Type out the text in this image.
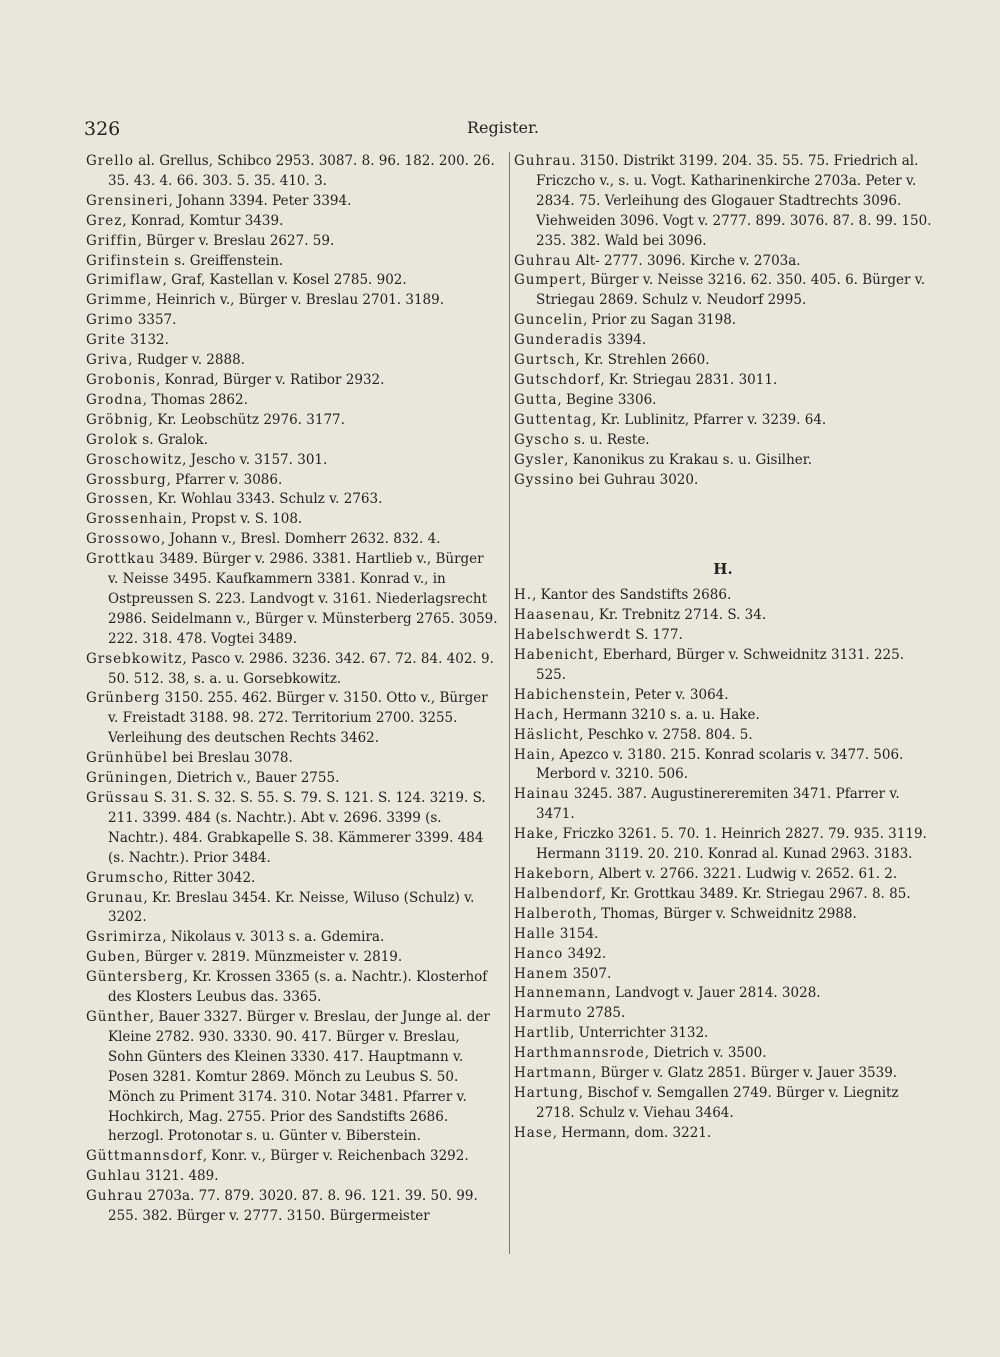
326	Register.

Grello al. Grellus, Schibco 2953. 3087. 8. 96. 182. 200. 26. 35. 43. 4. 66. 303. 5. 35. 410. 3.

Grensineri, Johann 3394. Peter 3394.

Grez, Konrad, Komtur 3439.

Griffin, Bürger v. Breslau 2627. 59.

Grifinstein s. Greiffenstein.

Grimiflaw, Graf, Kastellan v. Kosel 2785. 902.

Grimme, Heinrich v., Bürger v. Breslau 2701. 3189.

Grimo 3357.

Grite 3132.

Griva, Rudger v. 2888.

Grobonis, Konrad, Bürger v. Ratibor 2932.

Grodna, Thomas 2862.

Gröbnig, Kr. Leobschütz 2976. 3177.

Grolok s. Gralok.

Groschowitz, Jescho v. 3157. 301.

Grossburg, Pfarrer v. 3086.

Grossen, Kr. Wohlau 3343. Schulz v. 2763.

Grossenhain, Propst v. S. 108.

Grossowo, Johann v., Bresl. Domherr 2632. 832. 4.

Grottkau 3489. Bürger v. 2986. 3381. Hartlieb v., Bürger v. Neisse 3495. Kaufkammern 3381. Konrad v., in Ostpreussen S. 223. Landvogt v. 3161. Niederlagsrecht 2986. Seidelmann v., Bürger v. Münsterberg 2765. 3059. 222. 318. 478. Vogtei 3489.

Grsebkowitz, Pasco v. 2986. 3236. 342. 67. 72. 84. 402. 9. 50. 512. 38, s. a. u. Gorsebkowitz.

Grünberg 3150. 255. 462. Bürger v. 3150. Otto v., Bürger v. Freistadt 3188. 98. 272. Territorium 2700. 3255. Verleihung des deutschen Rechts 3462.

Grünhübel bei Breslau 3078.

Grüningen, Dietrich v., Bauer 2755.

Grüssau S. 31. S. 32. S. 55. S. 79. S. 121. S. 124. 3219. S. 211. 3399. 484 (s. Nachtr.). Abt v. 2696. 3399 (s. Nachtr.). 484. Grabkapelle S. 38. Kämmerer 3399. 484 (s. Nachtr.). Prior 3484.

Grumscho, Ritter 3042.

Grunau, Kr. Breslau 3454. Kr. Neisse, Wiluso (Schulz) v. 3202.

Gsrimirza, Nikolaus v. 3013 s. a. Gdemira.

Guben, Bürger v. 2819. Münzmeister v. 2819.

Güntersberg, Kr. Krossen 3365 (s. a. Nachtr.). Klosterhof des Klosters Leubus das. 3365.

Günther, Bauer 3327. Bürger v. Breslau, der Junge al. der Kleine 2782. 930. 3330. 90. 417. Bürger v. Breslau, Sohn Günters des Kleinen 3330. 417. Hauptmann v. Posen 3281. Komtur 2869. Mönch zu Leubus S. 50. Mönch zu Priment 3174. 310. Notar 3481. Pfarrer v. Hochkirch, Mag. 2755. Prior des Sandstifts 2686. herzogl. Protonotar s. u. Günter v. Biberstein.

Güttmannsdorf, Konr. v., Bürger v. Reichenbach 3292.

Guhlau 3121. 489.

Guhrau 2703a. 77. 879. 3020. 87. 8. 96. 121. 39. 50. 99. 255. 382. Bürger v. 2777. 3150. Bürgermeister

Guhrau. 3150. Distrikt 3199. 204. 35. 55. 75. Friedrich al. Friczcho v., s. u. Vogt. Katharinenkirche 2703a. Peter v. 2834. 75. Verleihung des Glogauer Stadtrechts 3096. Viehweiden 3096. Vogt v. 2777. 899. 3076. 87. 8. 99. 150. 235. 382. Wald bei 3096.

Guhrau Alt- 2777. 3096. Kirche v. 2703a.

Gumpert, Bürger v. Neisse 3216. 62. 350. 405. 6. Bürger v. Striegau 2869. Schulz v. Neudorf 2995.

Guncelin, Prior zu Sagan 3198.

Gunderadis 3394.

Gurtsch, Kr. Strehlen 2660.

Gutschdorf, Kr. Striegau 2831. 3011.

Gutta, Begine 3306.

Guttentag, Kr. Lublinitz, Pfarrer v. 3239. 64.

Gyscho s. u. Reste.

Gysler, Kanonikus zu Krakau s. u. Gisilher.

Gyssino bei Guhrau 3020.

H.

H., Kantor des Sandstifts 2686.

Haasenau, Kr. Trebnitz 2714. S. 34.

Habelschwerdt S. 177.

Habenicht, Eberhard, Bürger v. Schweidnitz 3131. 225. 525.

Habichenstein, Peter v. 3064.

Hach, Hermann 3210 s. a. u. Hake.

Häslicht, Peschko v. 2758. 804. 5.

Hain, Apezco v. 3180. 215. Konrad scolaris v. 3477. 506. Merbord v. 3210. 506.

Hainau 3245. 387. Augustinereremiten 3471. Pfarrer v. 3471.

Hake, Friczko 3261. 5. 70. 1. Heinrich 2827. 79. 935. 3119. Hermann 3119. 20. 210. Konrad al. Kunad 2963. 3183.

Hakeborn, Albert v. 2766. 3221. Ludwig v. 2652. 61. 2.

Halbendorf, Kr. Grottkau 3489. Kr. Striegau 2967. 8. 85.

Halberoth, Thomas, Bürger v. Schweidnitz 2988.

Halle 3154.

Hanco 3492.

Hanem 3507.

Hannemann, Landvogt v. Jauer 2814. 3028.

Harmuto 2785.

Hartlib, Unterrichter 3132.

Harthmannsrode, Dietrich v. 3500.

Hartmann, Bürger v. Glatz 2851. Bürger v. Jauer 3539.

Hartung, Bischof v. Semgallen 2749. Bürger v. Liegnitz 2718. Schulz v. Viehau 3464.

Hase, Hermann, dom. 3221.
